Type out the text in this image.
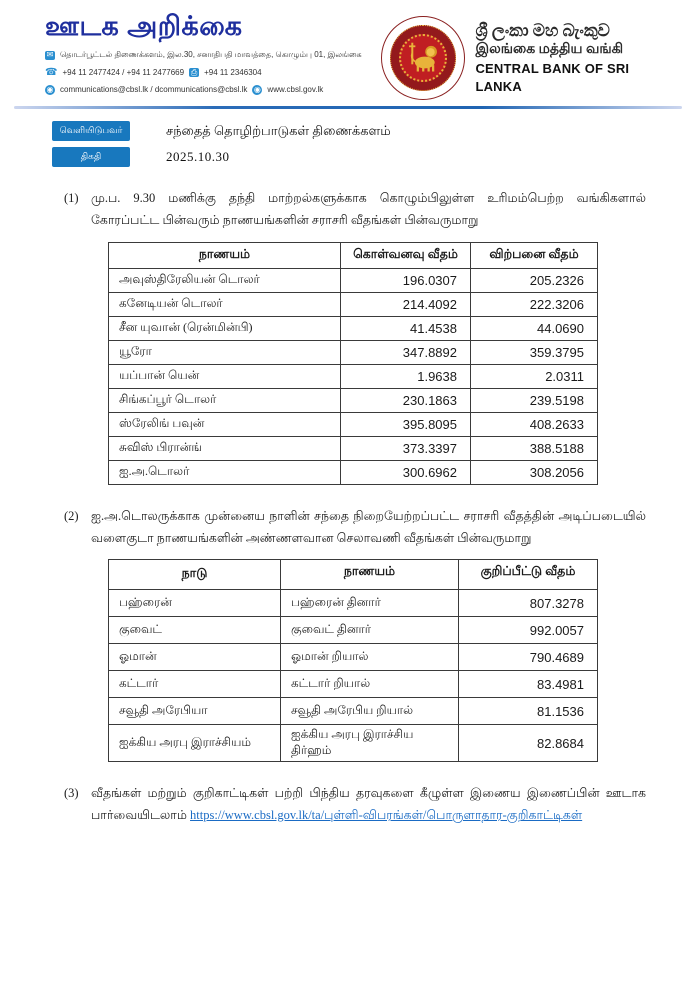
ஊடக அறிக்கை
✉ தொடர்பூட்டல் திணைக்களம், இல.30, சனாதிபதி மாவத்தை, கொழும்பு 01, இலங்கை
☎ +94 11 2477424 / +94 11 2477669 ⎙ +94 11 2346304
◉ communications@cbsl.lk / dcommunications@cbsl.lk ◉ www.cbsl.gov.lk
ශ්‍රී ලංකා මහ බැංකුව
இலங்கை மத்திய வங்கி
CENTRAL BANK OF SRI LANKA
வெளியிடுபவர்	சந்தைத் தொழிற்பாடுகள் திணைக்களம்
திகதி	2025.10.30
(1) மு.ப. 9.30 மணிக்கு தந்தி மாற்றல்களுக்காக கொழும்பிலுள்ள உரிமம்பெற்ற வங்கிகளால் கோரப்பட்ட பின்வரும் நாணயங்களின் சராசரி வீதங்கள் பின்வருமாறு
நாணயம்	கொள்வனவு வீதம்	விற்பனை வீதம்
அவுஸ்திரேலியன் டொலர்	196.0307	205.2326
கனேடியன் டொலர்	214.4092	222.3206
சீன யுவான் (ரென்மின்பி)	41.4538	44.0690
யூரோ	347.8892	359.3795
யப்பான் யென்	1.9638	2.0311
சிங்கப்பூர் டொலர்	230.1863	239.5198
ஸ்ரேலிங் பவுன்	395.8095	408.2633
சுவிஸ் பிரான்ங்	373.3397	388.5188
ஐ.அ.டொலர்	300.6962	308.2056
(2) ஐ.அ.டொலருக்காக முன்னைய நாளின் சந்தை நிறையேற்றப்பட்ட சராசரி வீதத்தின் அடிப்படையில் வளைகுடா நாணயங்களின் அண்ணளவான செலாவணி வீதங்கள் பின்வருமாறு
நாடு	நாணயம்	குறிப்பீட்டு வீதம்
பஹ்ரைன்	பஹ்ரைன் தினார்	807.3278
குவைட்	குவைட் தினார்	992.0057
ஓமான்	ஓமான் றியால்	790.4689
கட்டார்	கட்டார் றியால்	83.4981
சவூதி அரேபியா	சவூதி அரேபிய றியால்	81.1536
ஐக்கிய அரபு இராச்சியம்	ஐக்கிய அரபு இராச்சிய திர்ஹம்	82.8684
(3) வீதங்கள் மற்றும் குறிகாட்டிகள் பற்றி பிந்திய தரவுகளை கீழுள்ள இணைய இணைப்பின் ஊடாக பார்வையிடலாம் https://www.cbsl.gov.lk/ta/புள்ளி-விபரங்கள்/பொருளாதார-குறிகாட்டிகள்
